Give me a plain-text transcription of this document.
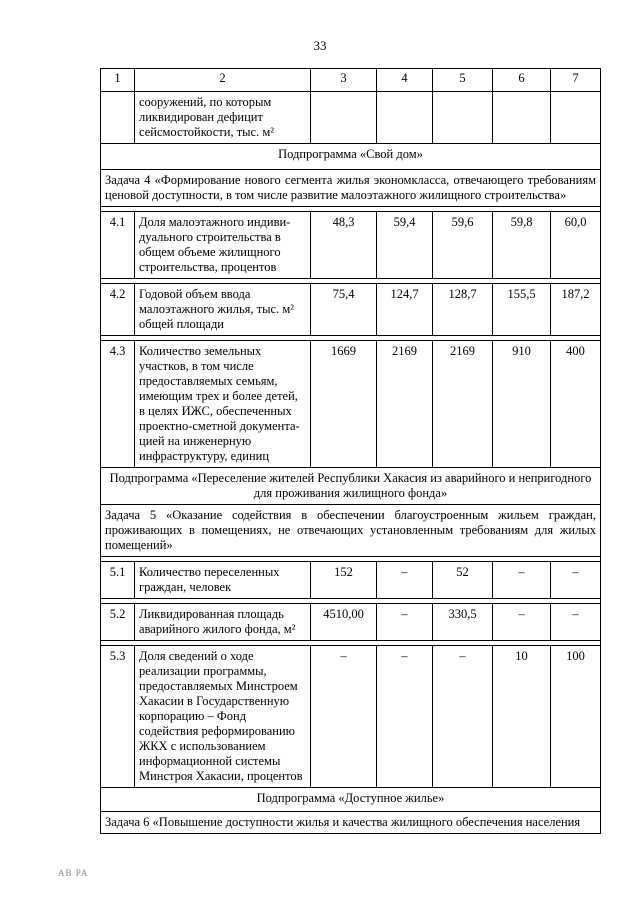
33
1	2	3	4	5	6	7
	сооружений, по которым ликвидирован дефицит сейсмостойкости, тыс. м²					
Подпрограмма «Свой дом»						
Задача 4 «Формирование нового сегмента жилья экономкласса, отвечающего требованиям ценовой доступности, в том числе развитие малоэтажного жилищного строительства»						

4.1	Доля малоэтажного индиви-дуального строительства в общем объеме жилищного строительства, процентов	48,3	59,4	59,6	59,8	60,0

4.2	Годовой объем ввода малоэтажного жилья, тыс. м² общей площади	75,4	124,7	128,7	155,5	187,2

4.3	Количество земельных участков, в том числе предоставляемых семьям, имеющим трех и более детей, в целях ИЖС, обеспеченных проектно-сметной документа-цией на инженерную инфраструктуру, единиц	1669	2169	2169	910	400
Подпрограмма «Переселение жителей Республики Хакасия из аварийного и непригодного для проживания жилищного фонда»						
Задача 5 «Оказание содействия в обеспечении благоустроенным жильем граждан, проживающих в помещениях, не отвечающих установленным требованиям для жилых помещений»						

5.1	Количество переселенных граждан, человек	152	–	52	–	–

5.2	Ликвидированная площадь аварийного жилого фонда, м²	4510,00	–	330,5	–	–

5.3	Доля сведений о ходе реализации программы, предоставляемых Минстроем Хакасии в Государственную корпорацию – Фонд содействия реформированию ЖКХ с использованием информационной системы Минстроя Хакасии, процентов	–	–	–	10	100
Подпрограмма «Доступное жилье»						
Задача 6 «Повышение доступности жилья и качества жилищного обеспечения населения						
AB PA
